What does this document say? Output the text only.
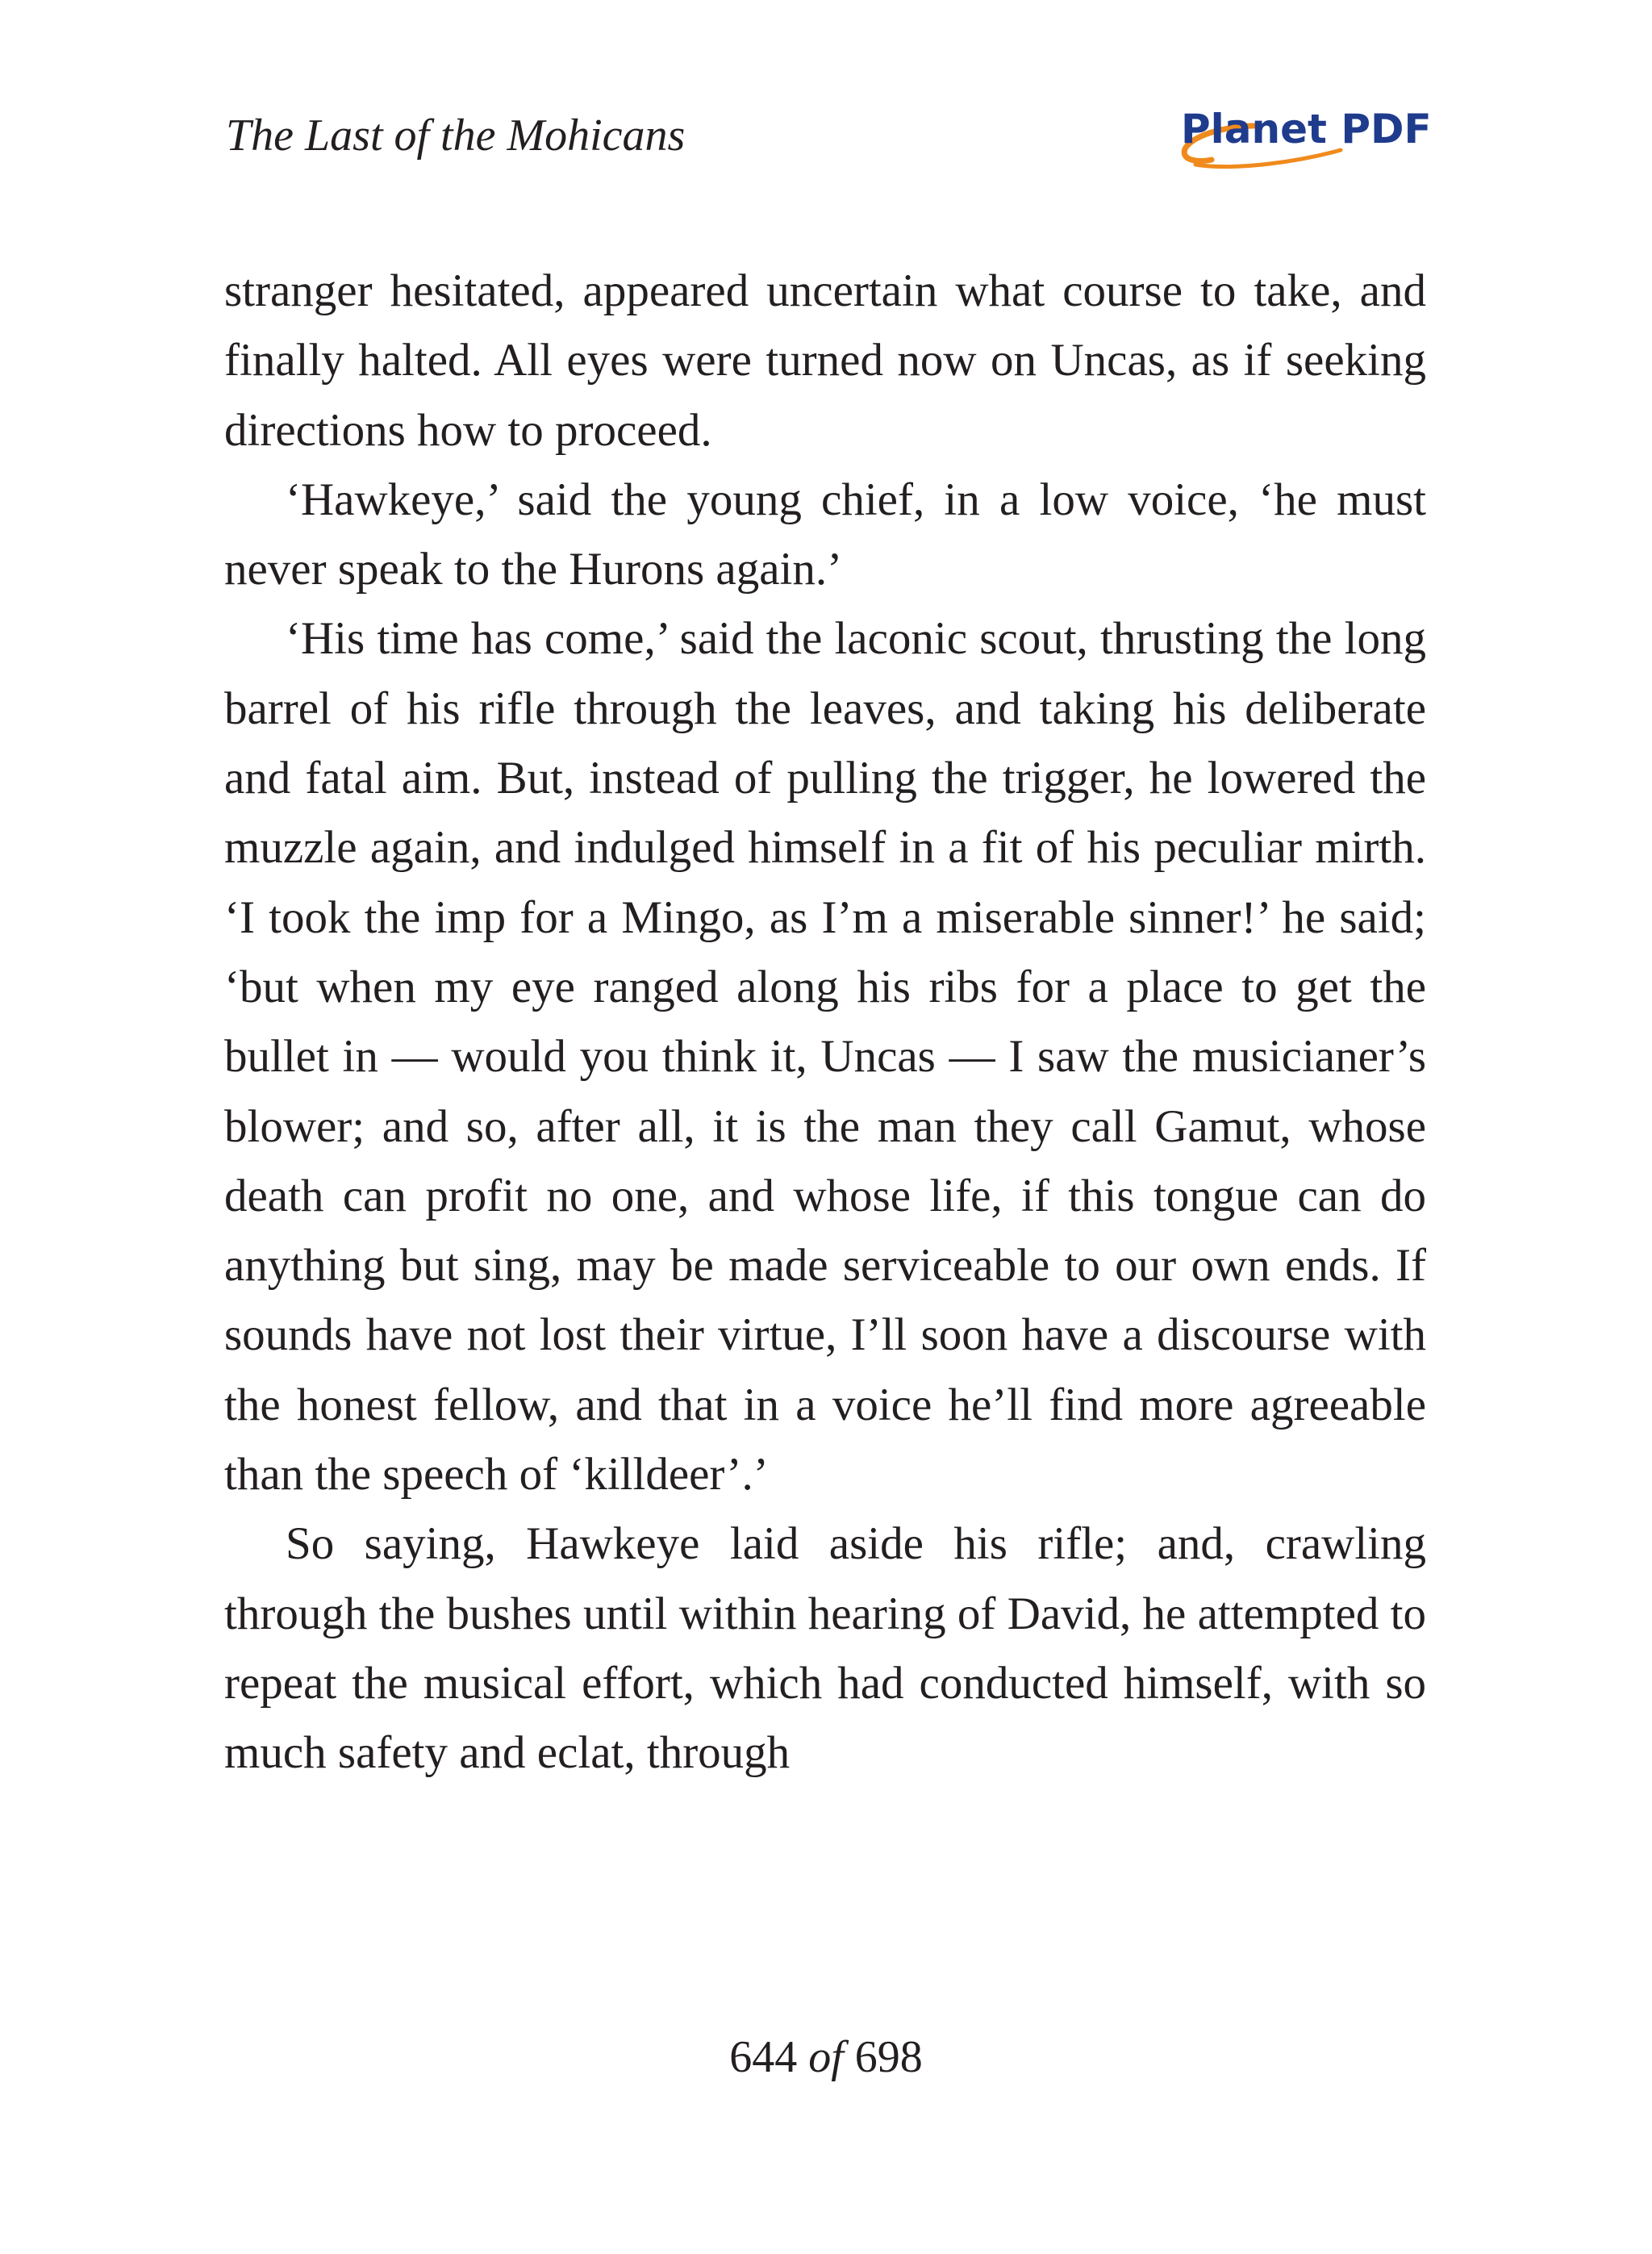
The Last of the Mohicans	Planet PDF

stranger hesitated, appeared uncertain what course to take, and finally halted. All eyes were turned now on Uncas, as if seeking directions how to proceed.

‘Hawkeye,’ said the young chief, in a low voice, ‘he must never speak to the Hurons again.’

‘His time has come,’ said the laconic scout, thrusting the long barrel of his rifle through the leaves, and taking his deliberate and fatal aim. But, instead of pulling the trigger, he lowered the muzzle again, and indulged himself in a fit of his peculiar mirth. ‘I took the imp for a Mingo, as I’m a miserable sinner!’ he said; ‘but when my eye ranged along his ribs for a place to get the bullet in — would you think it, Uncas — I saw the musicianer’s blower; and so, after all, it is the man they call Gamut, whose death can profit no one, and whose life, if this tongue can do anything but sing, may be made serviceable to our own ends. If sounds have not lost their virtue, I’ll soon have a discourse with the honest fellow, and that in a voice he’ll find more agreeable than the speech of ‘killdeer’.’

So saying, Hawkeye laid aside his rifle; and, crawling through the bushes until within hearing of David, he attempted to repeat the musical effort, which had conducted himself, with so much safety and eclat, through

644 of 698
